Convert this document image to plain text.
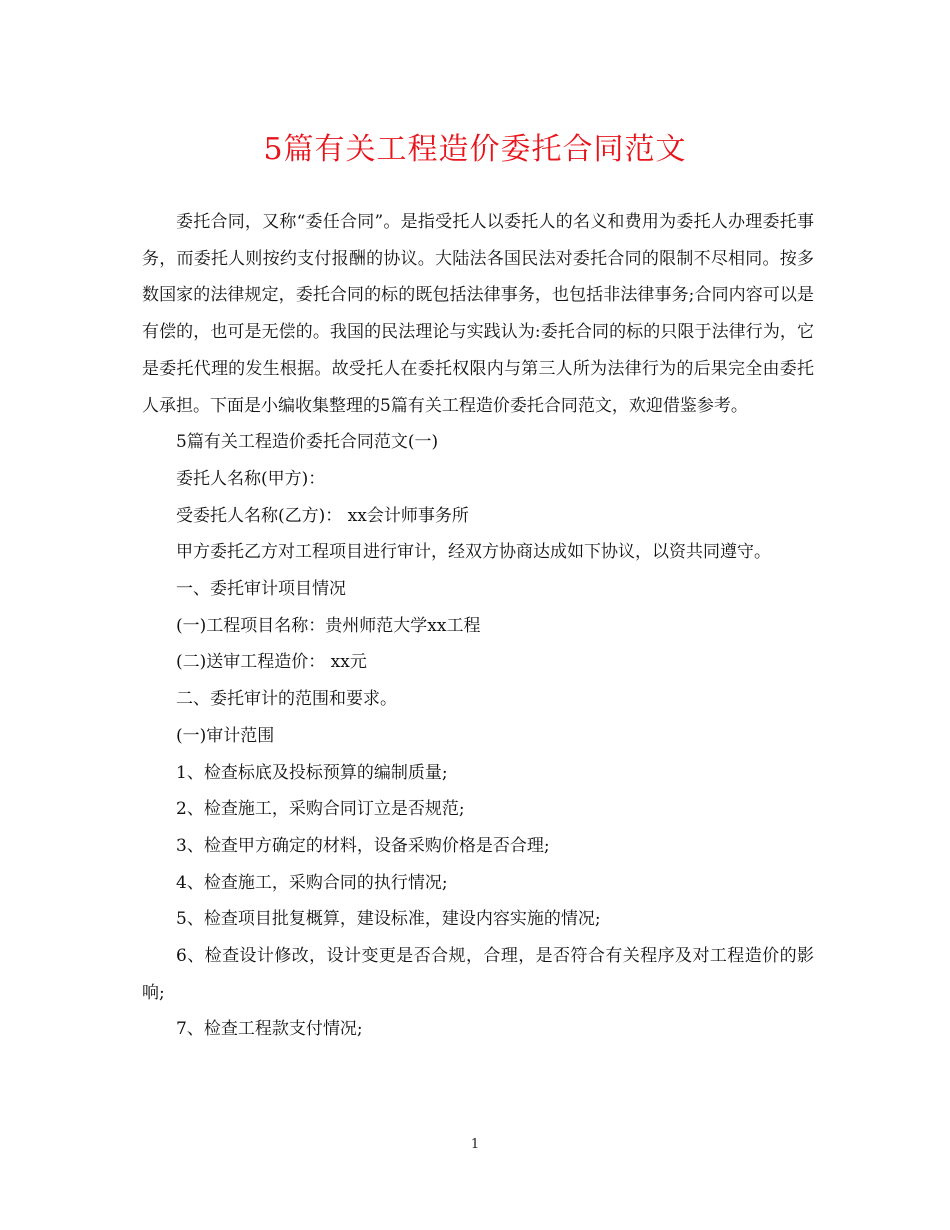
5篇有关工程造价委托合同范文

委托合同，又称“委任合同”。是指受托人以委托人的名义和费用为委托人办理委托事务，而委托人则按约支付报酬的协议。大陆法各国民法对委托合同的限制不尽相同。按多数国家的法律规定，委托合同的标的既包括法律事务，也包括非法律事务;合同内容可以是有偿的，也可是无偿的。我国的民法理论与实践认为:委托合同的标的只限于法律行为，它是委托代理的发生根据。故受托人在委托权限内与第三人所为法律行为的后果完全由委托人承担。下面是小编收集整理的5篇有关工程造价委托合同范文，欢迎借鉴参考。

5篇有关工程造价委托合同范文(一)

委托人名称(甲方)：

受委托人名称(乙方)： xx会计师事务所

甲方委托乙方对工程项目进行审计，经双方协商达成如下协议，以资共同遵守。

一、委托审计项目情况

(一)工程项目名称：贵州师范大学xx工程

(二)送审工程造价： xx元

二、委托审计的范围和要求。

(一)审计范围

1、检查标底及投标预算的编制质量;

2、检查施工，采购合同订立是否规范;

3、检查甲方确定的材料，设备采购价格是否合理;

4、检查施工，采购合同的执行情况;

5、检查项目批复概算，建设标准，建设内容实施的情况;

6、检查设计修改，设计变更是否合规，合理，是否符合有关程序及对工程造价的影响;

7、检查工程款支付情况;

1
